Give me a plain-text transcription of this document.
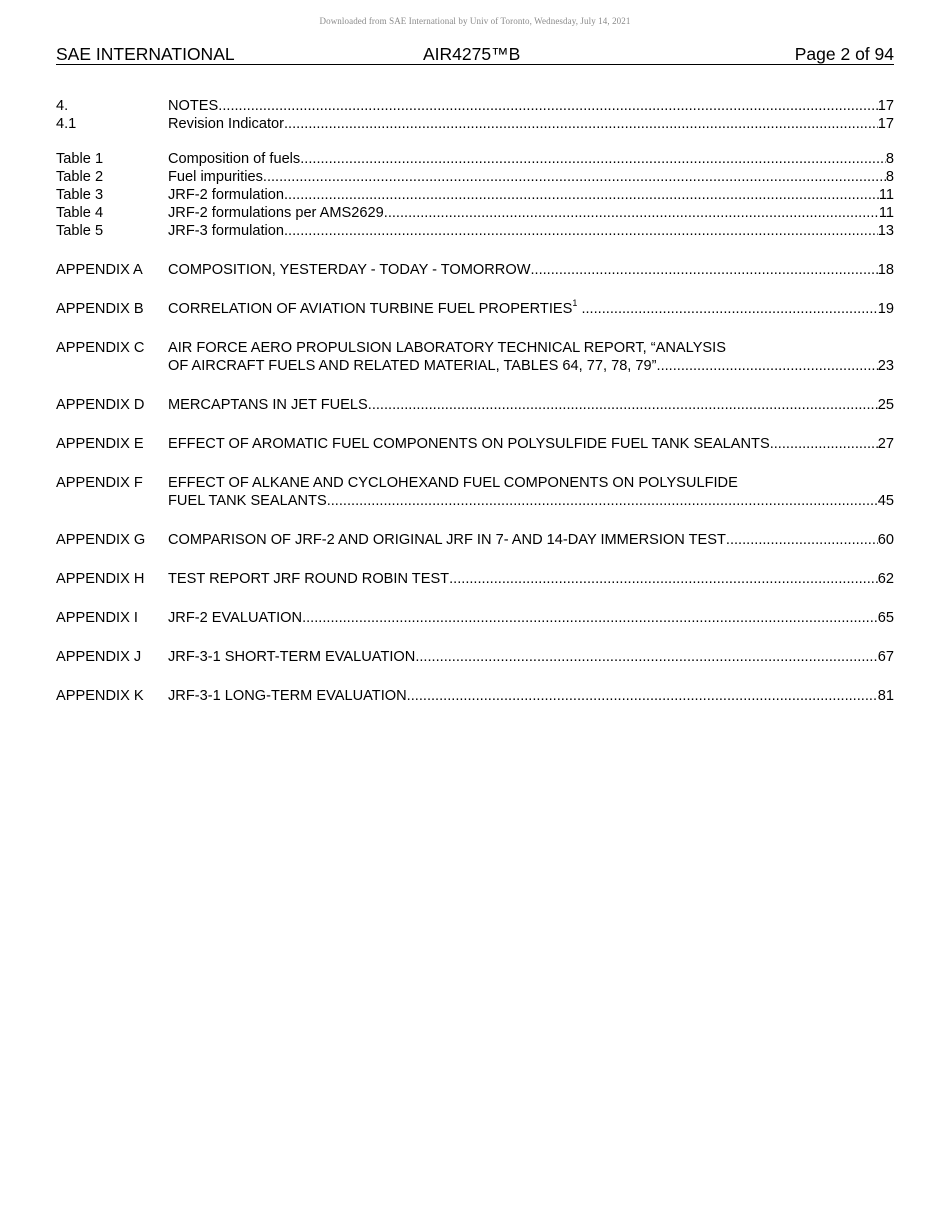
Downloaded from SAE International by Univ of Toronto, Wednesday, July 14, 2021
SAE INTERNATIONAL	AIR4275™B	Page 2 of 94
4.	NOTES .....	17
4.1	Revision Indicator .....	17
Table 1	Composition of fuels .....	8
Table 2	Fuel impurities .....	8
Table 3	JRF-2 formulation .....	11
Table 4	JRF-2 formulations per AMS2629 .....	11
Table 5	JRF-3 formulation .....	13
APPENDIX A	COMPOSITION, YESTERDAY - TODAY - TOMORROW .....	18
APPENDIX B	CORRELATION OF AVIATION TURBINE FUEL PROPERTIES$^1$ .....	19
APPENDIX C	AIR FORCE AERO PROPULSION LABORATORY TECHNICAL REPORT, “ANALYSIS
OF AIRCRAFT FUELS AND RELATED MATERIAL, TABLES 64, 77, 78, 79” .....	23
APPENDIX D	MERCAPTANS IN JET FUELS .....	25
APPENDIX E	EFFECT OF AROMATIC FUEL COMPONENTS ON POLYSULFIDE FUEL TANK SEALANTS .....	27
APPENDIX F	EFFECT OF ALKANE AND CYCLOHEXAND FUEL COMPONENTS ON POLYSULFIDE
FUEL TANK SEALANTS .....	45
APPENDIX G	COMPARISON OF JRF-2 AND ORIGINAL JRF IN 7- AND 14-DAY IMMERSION TEST .....	60
APPENDIX H	TEST REPORT JRF ROUND ROBIN TEST .....	62
APPENDIX I	JRF-2 EVALUATION .....	65
APPENDIX J	JRF-3-1 SHORT-TERM EVALUATION .....	67
APPENDIX K	JRF-3-1 LONG-TERM EVALUATION .....	81
